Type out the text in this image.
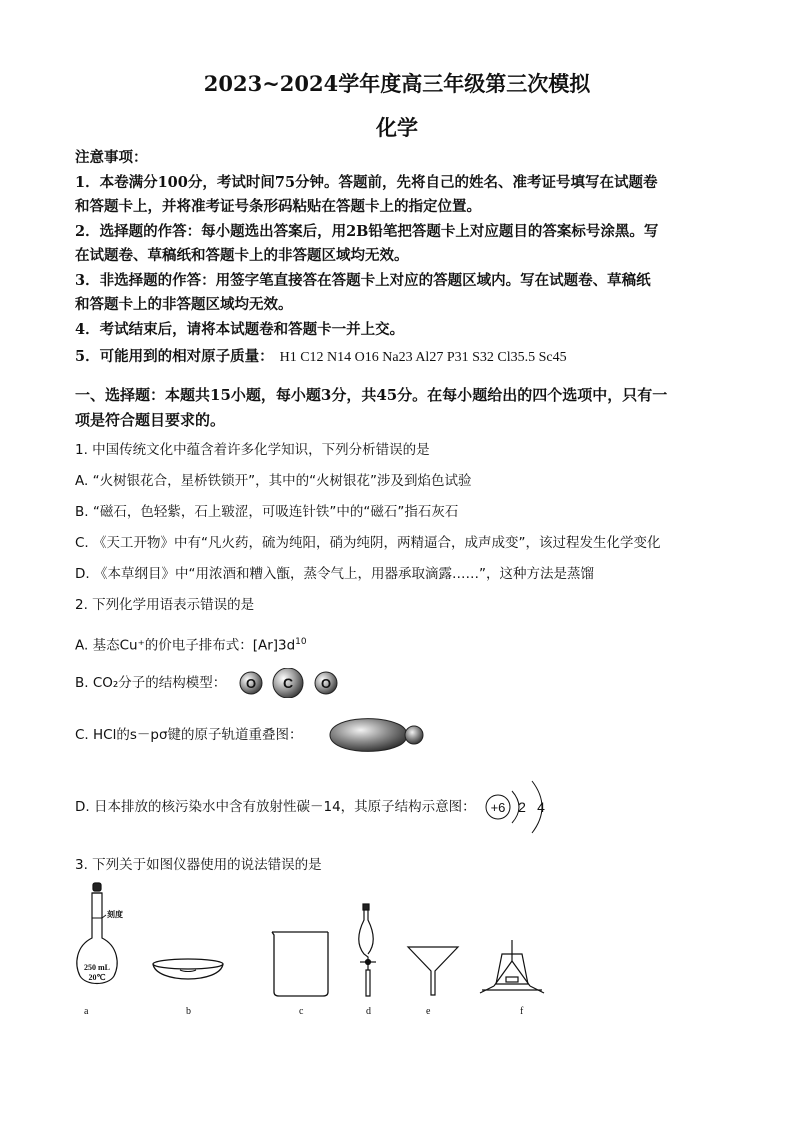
2023~2024学年度高三年级第三次模拟
化学
注意事项：
1．本卷满分100分，考试时间75分钟。答题前，先将自己的姓名、准考证号填写在试题卷
和答题卡上，并将准考证号条形码粘贴在答题卡上的指定位置。
2．选择题的作答：每小题选出答案后，用2B铅笔把答题卡上对应题目的答案标号涂黑。写
在试题卷、草稿纸和答题卡上的非答题区域均无效。
3．非选择题的作答：用签字笔直接答在答题卡上对应的答题区域内。写在试题卷、草稿纸
和答题卡上的非答题区域均无效。
4．考试结束后，请将本试题卷和答题卡一并上交。
5．可能用到的相对原子质量： H1 C12 N14 O16 Na23 Al27 P31 S32 Cl35.5 Sc45
一、选择题：本题共15小题，每小题3分，共45分。在每小题给出的四个选项中，只有一
项是符合题目要求的。
1. 中国传统文化中蕴含着许多化学知识，下列分析错误的是
A. “火树银花合，星桥铁锁开”，其中的“火树银花”涉及到焰色试验
B. “磁石，色轻紫，石上皲涩，可吸连针铁”中的“磁石”指石灰石
C. 《天工开物》中有“凡火药，硫为纯阳，硝为纯阴，两精逼合，成声成变”，该过程发生化学变化
D. 《本草纲目》中“用浓酒和糟入甑，蒸令气上，用器承取滴露……”，这种方法是蒸馏
2. 下列化学用语表示错误的是
A. 基态Cu⁺的价电子排布式：$[Ar]3d^{10}$
B. CO₂分子的结构模型：	O C O
C. HCl的s－pσ键的原子轨道重叠图：
D. 日本排放的核污染水中含有放射性碳－14，其原子结构示意图：	+6 2 4
3. 下列关于如图仪器使用的说法错误的是
刻度
250 mL
20℃
a	b	c	d	e	f
